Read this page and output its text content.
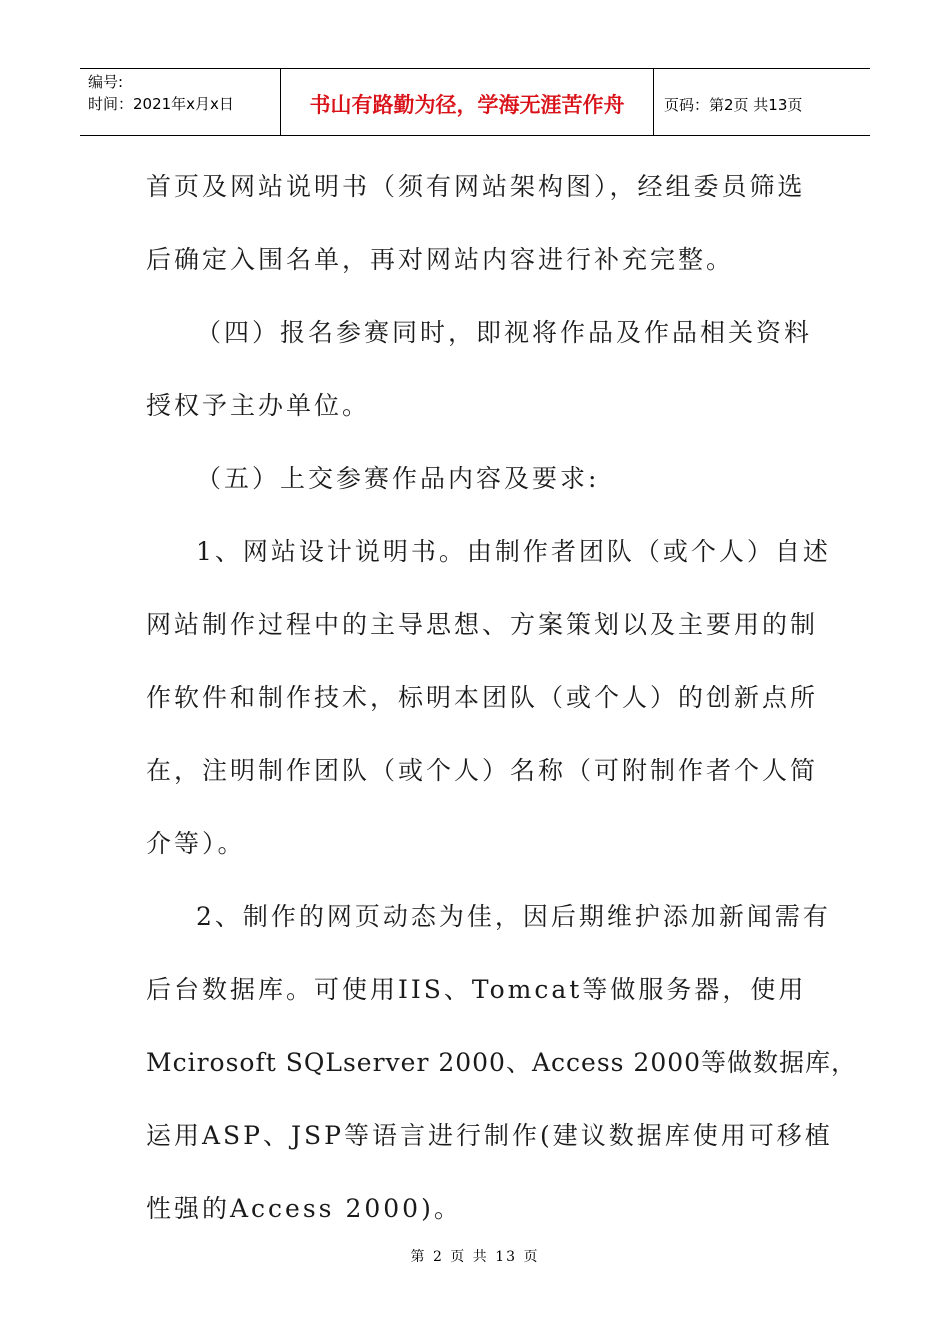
编号:
时间：2021年x月x日	书山有路勤为径，学海无涯苦作舟	页码：第2页 共13页
首页及网站说明书（须有网站架构图），经组委员筛选
后确定入围名单，再对网站内容进行补充完整。
（四）报名参赛同时，即视将作品及作品相关资料
授权予主办单位。
（五）上交参赛作品内容及要求:
1、网站设计说明书。由制作者团队（或个人）自述
网站制作过程中的主导思想、方案策划以及主要用的制
作软件和制作技术，标明本团队（或个人）的创新点所
在，注明制作团队（或个人）名称（可附制作者个人简
介等）。
2、制作的网页动态为佳，因后期维护添加新闻需有
后台数据库。可使用IIS、Tomcat等做服务器，使用
Mcirosoft SQLserver 2000、Access 2000等做数据库，
运用ASP、JSP等语言进行制作(建议数据库使用可移植
性强的Access 2000)。
第 2 页 共 13 页
